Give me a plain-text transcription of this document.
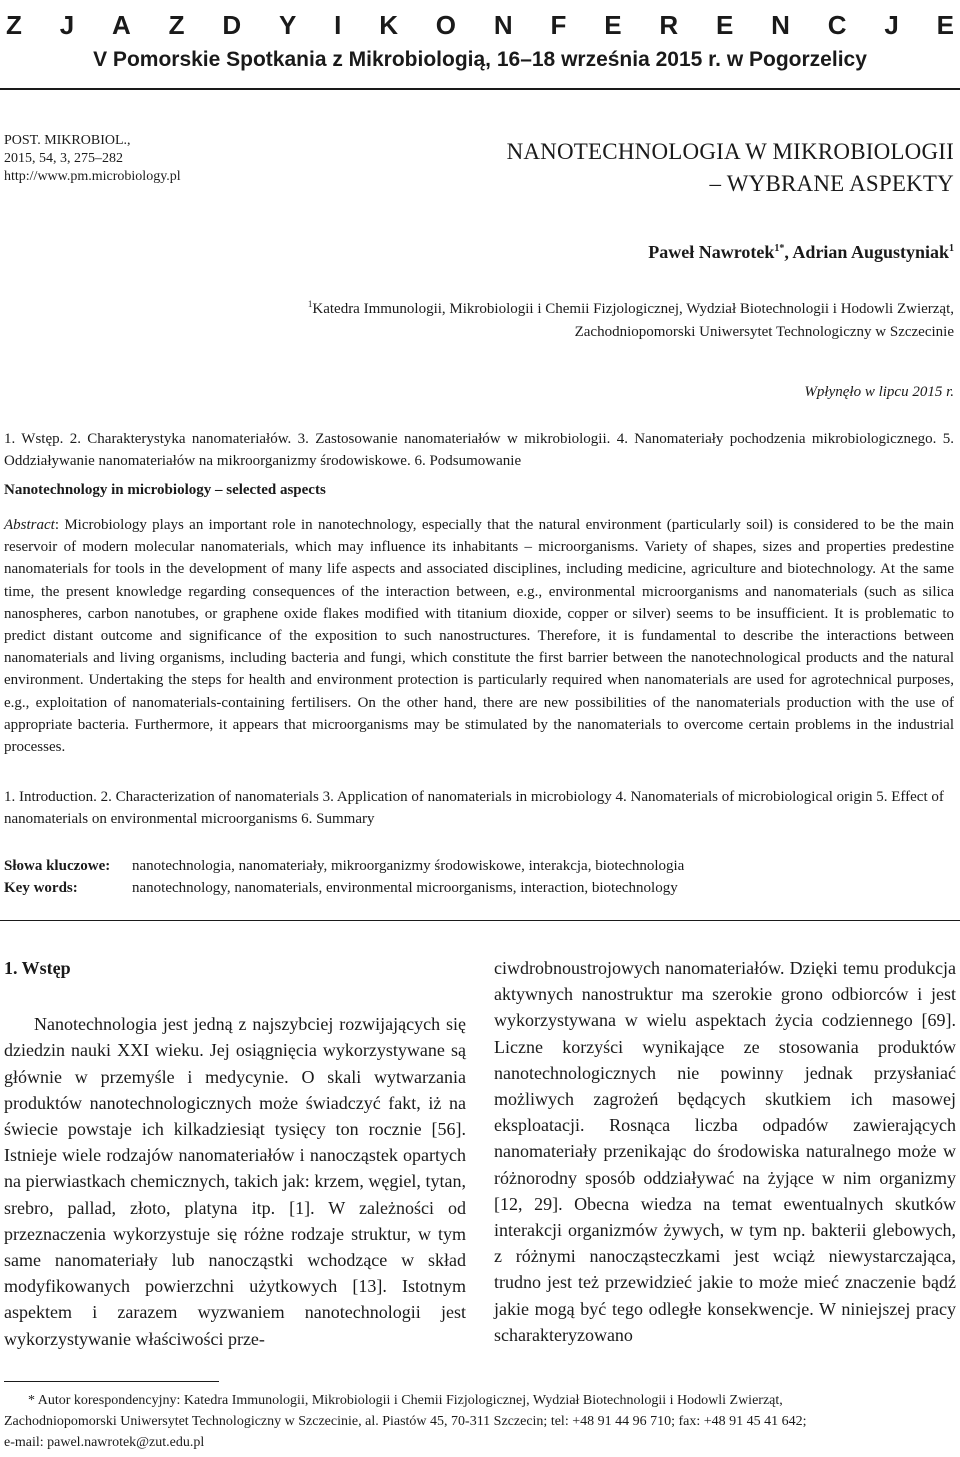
Z J A Z D Y I K O N F E R E N C J E
V Pomorskie Spotkania z Mikrobiologią, 16–18 września 2015 r. w Pogorzelicy
POST. MIKROBIOL.,
2015, 54, 3, 275–282
http://www.pm.microbiology.pl
NANOTECHNOLOGIA W MIKROBIOLOGII
– WYBRANE ASPEKTY
Paweł Nawrotek$^{1*}$, Adrian Augustyniak$^1$
$^1$Katedra Immunologii, Mikrobiologii i Chemii Fizjologicznej, Wydział Biotechnologii i Hodowli Zwierząt,
Zachodniopomorski Uniwersytet Technologiczny w Szczecinie
Wpłynęło w lipcu 2015 r.
1. Wstęp. 2. Charakterystyka nanomateriałów. 3. Zastosowanie nanomateriałów w mikrobiologii. 4. Nanomateriały pochodzenia mikrobiologicznego. 5. Oddziaływanie nanomateriałów na mikroorganizmy środowiskowe. 6. Podsumowanie
Nanotechnology in microbiology – selected aspects
Abstract: Microbiology plays an important role in nanotechnology, especially that the natural environment (particularly soil) is considered to be the main reservoir of modern molecular nanomaterials, which may influence its inhabitants – microorganisms. Variety of shapes, sizes and properties predestine nanomaterials for tools in the development of many life aspects and associated disciplines, including medicine, agriculture and biotechnology. At the same time, the present knowledge regarding consequences of the interaction between, e.g., environmental microorganisms and nanomaterials (such as silica nanospheres, carbon nanotubes, or graphene oxide flakes modified with titanium dioxide, copper or silver) seems to be insufficient. It is problematic to predict distant outcome and significance of the exposition to such nanostructures. Therefore, it is fundamental to describe the interactions between nanomaterials and living organisms, including bacteria and fungi, which constitute the first barrier between the nanotechnological products and the natural environment. Undertaking the steps for health and environment protection is particularly required when nanomaterials are used for agrotechnical purposes, e.g., exploitation of nanomaterials-containing fertilisers. On the other hand, there are new possibilities of the nanomaterials production with the use of appropriate bacteria. Furthermore, it appears that microorganisms may be stimulated by the nanomaterials to overcome certain problems in the industrial processes.
1. Introduction. 2. Characterization of nanomaterials 3. Application of nanomaterials in microbiology 4. Nanomaterials of microbiological origin 5. Effect of nanomaterials on environmental microorganisms 6. Summary
Słowa kluczowe:	nanotechnologia, nanomateriały, mikroorganizmy środowiskowe, interakcja, biotechnologia
Key words:	nanotechnology, nanomaterials, environmental microorganisms, interaction, biotechnology
1. Wstęp

Nanotechnologia jest jedną z najszybciej rozwijających się dziedzin nauki XXI wieku. Jej osiągnięcia wykorzystywane są głównie w przemyśle i medycynie. O skali wytwarzania produktów nanotechnologicznych może świadczyć fakt, iż na świecie powstaje ich kilkadziesiąt tysięcy ton rocznie [56]. Istnieje wiele rodzajów nanomateriałów i nanocząstek opartych na pierwiastkach chemicznych, takich jak: krzem, węgiel, tytan, srebro, pallad, złoto, platyna itp. [1]. W zależności od przeznaczenia wykorzystuje się różne rodzaje struktur, w tym same nanomateriały lub nanocząstki wchodzące w skład modyfikowanych powierzchni użytkowych [13]. Istotnym aspektem i zarazem wyzwaniem nanotechnologii jest wykorzystywanie właściwości prze-

ciwdrobnoustrojowych nanomateriałów. Dzięki temu produkcja aktywnych nanostruktur ma szerokie grono odbiorców i jest wykorzystywana w wielu aspektach życia codziennego [69]. Liczne korzyści wynikające ze stosowania produktów nanotechnologicznych nie powinny jednak przysłaniać możliwych zagrożeń będących skutkiem ich masowej eksploatacji. Rosnąca liczba odpadów zawierających nanomateriały przenikając do środowiska naturalnego może w różnorodny sposób oddziaływać na żyjące w nim organizmy [12, 29]. Obecna wiedza na temat ewentualnych skutków interakcji organizmów żywych, w tym np. bakterii glebowych, z różnymi nanocząsteczkami jest wciąż niewystarczająca, trudno jest też przewidzieć jakie to może mieć znaczenie bądź jakie mogą być tego odległe konsekwencje. W niniejszej pracy scharakteryzowano

* Autor korespondencyjny: Katedra Immunologii, Mikrobiologii i Chemii Fizjologicznej, Wydział Biotechnologii i Hodowli Zwierząt,
Zachodniopomorski Uniwersytet Technologiczny w Szczecinie, al. Piastów 45, 70-311 Szczecin; tel: +48 91 44 96 710; fax: +48 91 45 41 642;
e-mail: pawel.nawrotek@zut.edu.pl
